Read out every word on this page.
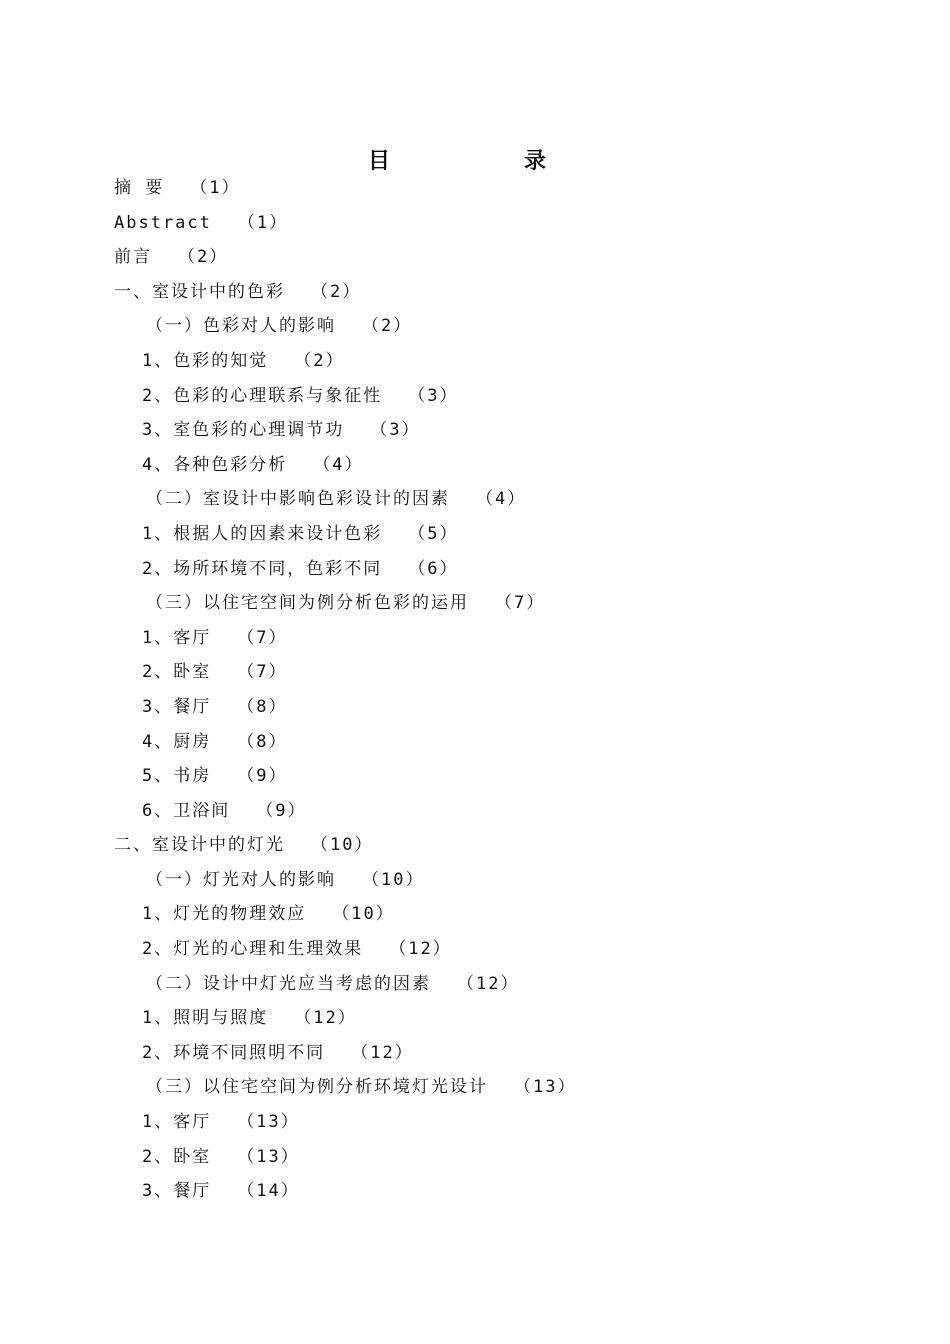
目	录
摘 要 （1）
Abstract （1）
前言 （2）
一、室设计中的色彩 （2）
（一）色彩对人的影响 （2）
1、色彩的知觉 （2）
2、色彩的心理联系与象征性 （3）
3、室色彩的心理调节功 （3）
4、各种色彩分析 （4）
（二）室设计中影响色彩设计的因素 （4）
1、根据人的因素来设计色彩 （5）
2、场所环境不同，色彩不同 （6）
（三）以住宅空间为例分析色彩的运用 （7）
1、客厅 （7）
2、卧室 （7）
3、餐厅 （8）
4、厨房 （8）
5、书房 （9）
6、卫浴间 （9）
二、室设计中的灯光 （10）
（一）灯光对人的影响 （10）
1、灯光的物理效应 （10）
2、灯光的心理和生理效果 （12）
（二）设计中灯光应当考虑的因素 （12）
1、照明与照度 （12）
2、环境不同照明不同 （12）
（三）以住宅空间为例分析环境灯光设计 （13）
1、客厅 （13）
2、卧室 （13）
3、餐厅 （14）
